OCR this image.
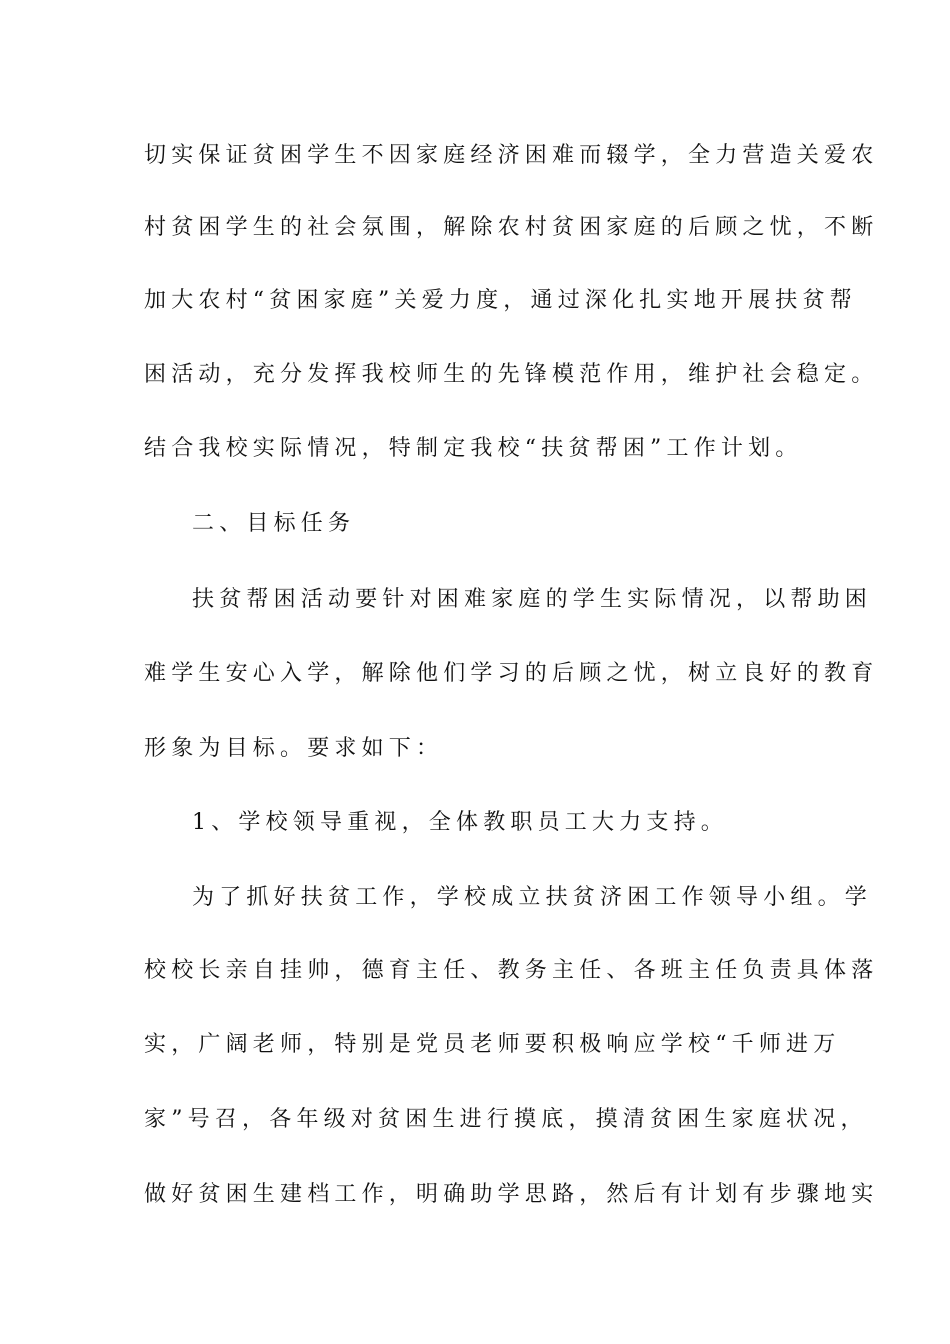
切实保证贫困学生不因家庭经济困难而辍学，全力营造关爱农
村贫困学生的社会氛围，解除农村贫困家庭的后顾之忧，不断
加大农村“贫困家庭”关爱力度，通过深化扎实地开展扶贫帮
困活动，充分发挥我校师生的先锋模范作用，维护社会稳定。
结合我校实际情况，特制定我校“扶贫帮困”工作计划。
二、目标任务
扶贫帮困活动要针对困难家庭的学生实际情况，以帮助困
难学生安心入学，解除他们学习的后顾之忧，树立良好的教育
形象为目标。要求如下：
1、学校领导重视，全体教职员工大力支持。
为了抓好扶贫工作，学校成立扶贫济困工作领导小组。学
校校长亲自挂帅，德育主任、教务主任、各班主任负责具体落
实，广阔老师，特别是党员老师要积极响应学校“千师进万
家”号召，各年级对贫困生进行摸底，摸清贫困生家庭状况，
做好贫困生建档工作，明确助学思路，然后有计划有步骤地实
